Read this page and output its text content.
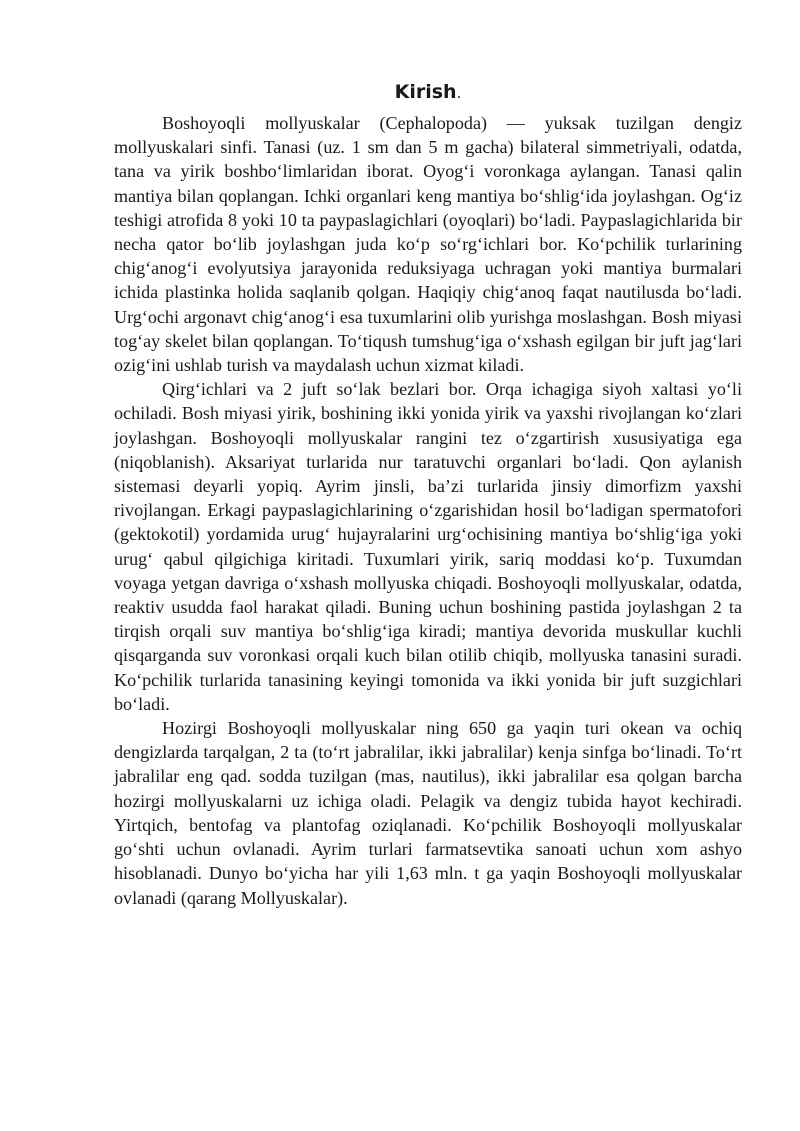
Kirish.

Boshoyoqli mollyuskalar (Cephalopoda) — yuksak tuzilgan dengiz mollyuskalari sinfi. Tanasi (uz. 1 sm dan 5 m gacha) bilateral simmetriyali, odatda, tana va yirik boshbo‘limlaridan iborat. Oyog‘i voronkaga aylangan. Tanasi qalin mantiya bilan qoplangan. Ichki organlari keng mantiya bo‘shlig‘ida joylashgan. Og‘iz teshigi atrofida 8 yoki 10 ta paypaslagichlari (oyoqlari) bo‘ladi. Paypaslagichlarida bir necha qator bo‘lib joylashgan juda ko‘p so‘rg‘ichlari bor. Ko‘pchilik turlarining chig‘anog‘i evolyutsiya jarayonida reduksiyaga uchragan yoki mantiya burmalari ichida plastinka holida saqlanib qolgan. Haqiqiy chig‘anoq faqat nautilusda bo‘ladi. Urg‘ochi argonavt chig‘anog‘i esa tuxumlarini olib yurishga moslashgan. Bosh miyasi tog‘ay skelet bilan qoplangan. To‘tiqush tumshug‘iga o‘xshash egilgan bir juft jag‘lari ozig‘ini ushlab turish va maydalash uchun xizmat kiladi.

Qirg‘ichlari va 2 juft so‘lak bezlari bor. Orqa ichagiga siyoh xaltasi yo‘li ochiladi. Bosh miyasi yirik, boshining ikki yonida yirik va yaxshi rivojlangan ko‘zlari joylashgan. Boshoyoqli mollyuskalar rangini tez o‘zgartirish xususiyatiga ega (niqoblanish). Aksariyat turlarida nur taratuvchi organlari bo‘ladi. Qon aylanish sistemasi deyarli yopiq. Ayrim jinsli, ba’zi turlarida jinsiy dimorfizm yaxshi rivojlangan. Erkagi paypaslagichlarining o‘zgarishidan hosil bo‘ladigan spermatofori (gektokotil) yordamida urug‘ hujayralarini urg‘ochisining mantiya bo‘shlig‘iga yoki urug‘ qabul qilgichiga kiritadi. Tuxumlari yirik, sariq moddasi ko‘p. Tuxumdan voyaga yetgan davriga o‘xshash mollyuska chiqadi. Boshoyoqli mollyuskalar, odatda, reaktiv usudda faol harakat qiladi. Buning uchun boshining pastida joylashgan 2 ta tirqish orqali suv mantiya bo‘shlig‘iga kiradi; mantiya devorida muskullar kuchli qisqarganda suv voronkasi orqali kuch bilan otilib chiqib, mollyuska tanasini suradi. Ko‘pchilik turlarida tanasining keyingi tomonida va ikki yonida bir juft suzgichlari bo‘ladi.

Hozirgi Boshoyoqli mollyuskalar ning 650 ga yaqin turi okean va ochiq dengizlarda tarqalgan, 2 ta (to‘rt jabralilar, ikki jabralilar) kenja sinfga bo‘linadi. To‘rt jabralilar eng qad. sodda tuzilgan (mas, nautilus), ikki jabralilar esa qolgan barcha hozirgi mollyuskalarni uz ichiga oladi. Pelagik va dengiz tubida hayot kechiradi. Yirtqich, bentofag va plantofag oziqlanadi. Ko‘pchilik Boshoyoqli mollyuskalar go‘shti uchun ovlanadi. Ayrim turlari farmatsevtika sanoati uchun xom ashyo hisoblanadi. Dunyo bo‘yicha har yili 1,63 mln. t ga yaqin Boshoyoqli mollyuskalar ovlanadi (qarang Mollyuskalar).
